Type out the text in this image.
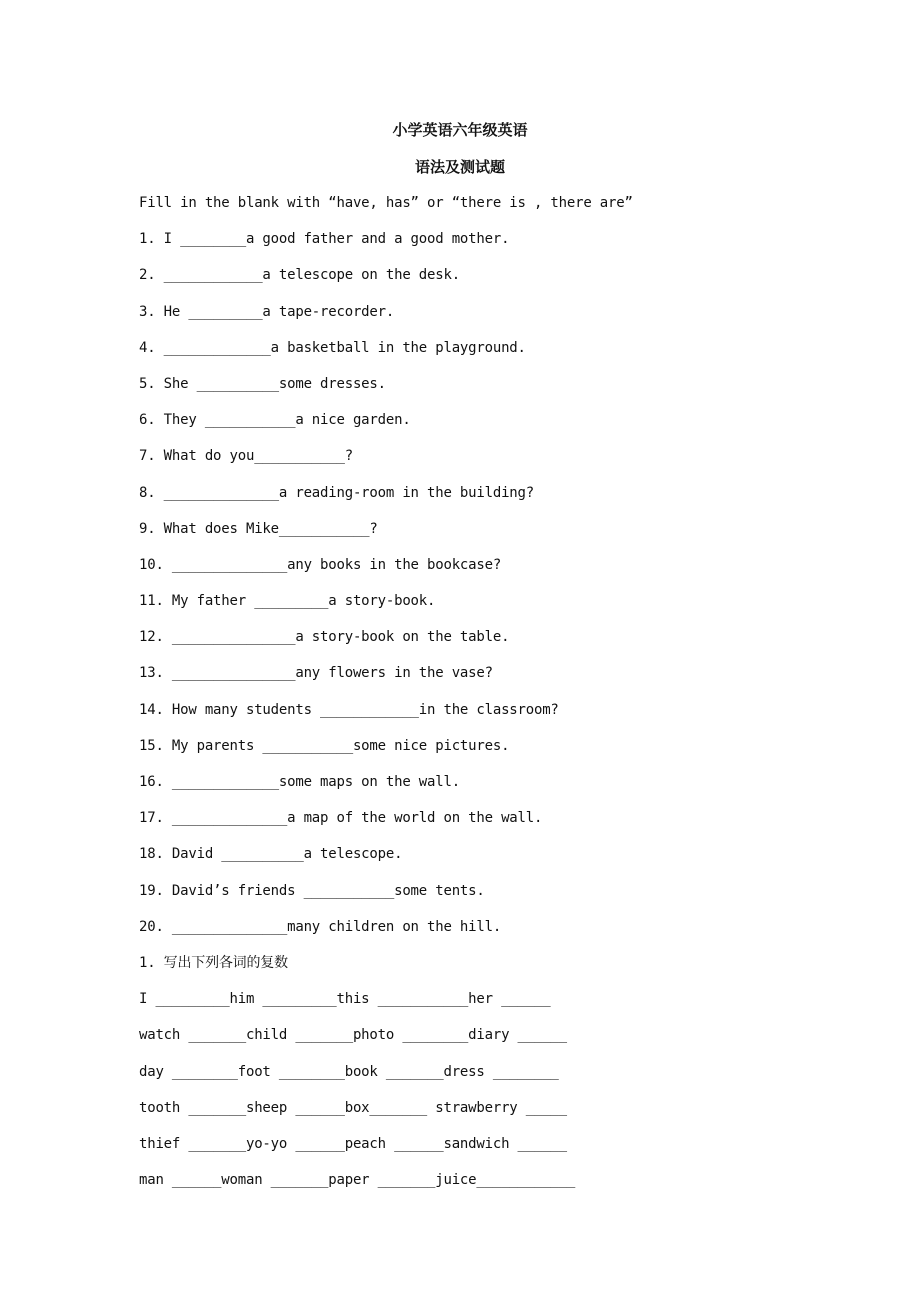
小学英语六年级英语
语法及测试题
Fill in the blank with “have, has” or “there is , there are”
1. I ________a good father and a good mother.
2. ____________a telescope on the desk.
3. He _________a tape-recorder.
4. _____________a basketball in the playground.
5. She __________some dresses.
6. They ___________a nice garden.
7. What do you___________?
8. ______________a reading-room in the building?
9. What does Mike___________?
10. ______________any books in the bookcase?
11. My father _________a story-book.
12. _______________a story-book on the table.
13. _______________any flowers in the vase?
14. How many students ____________in the classroom?
15. My parents ___________some nice pictures.
16. _____________some maps on the wall.
17. ______________a map of the world on the wall.
18. David __________a telescope.
19. David’s friends ___________some tents.
20. ______________many children on the hill.
1. 写出下列各词的复数
I _________him _________this ___________her ______
watch _______child _______photo ________diary ______
day ________foot ________book _______dress ________
tooth _______sheep ______box_______ strawberry _____
thief _______yo-yo ______peach ______sandwich ______
man ______woman _______paper _______juice____________
